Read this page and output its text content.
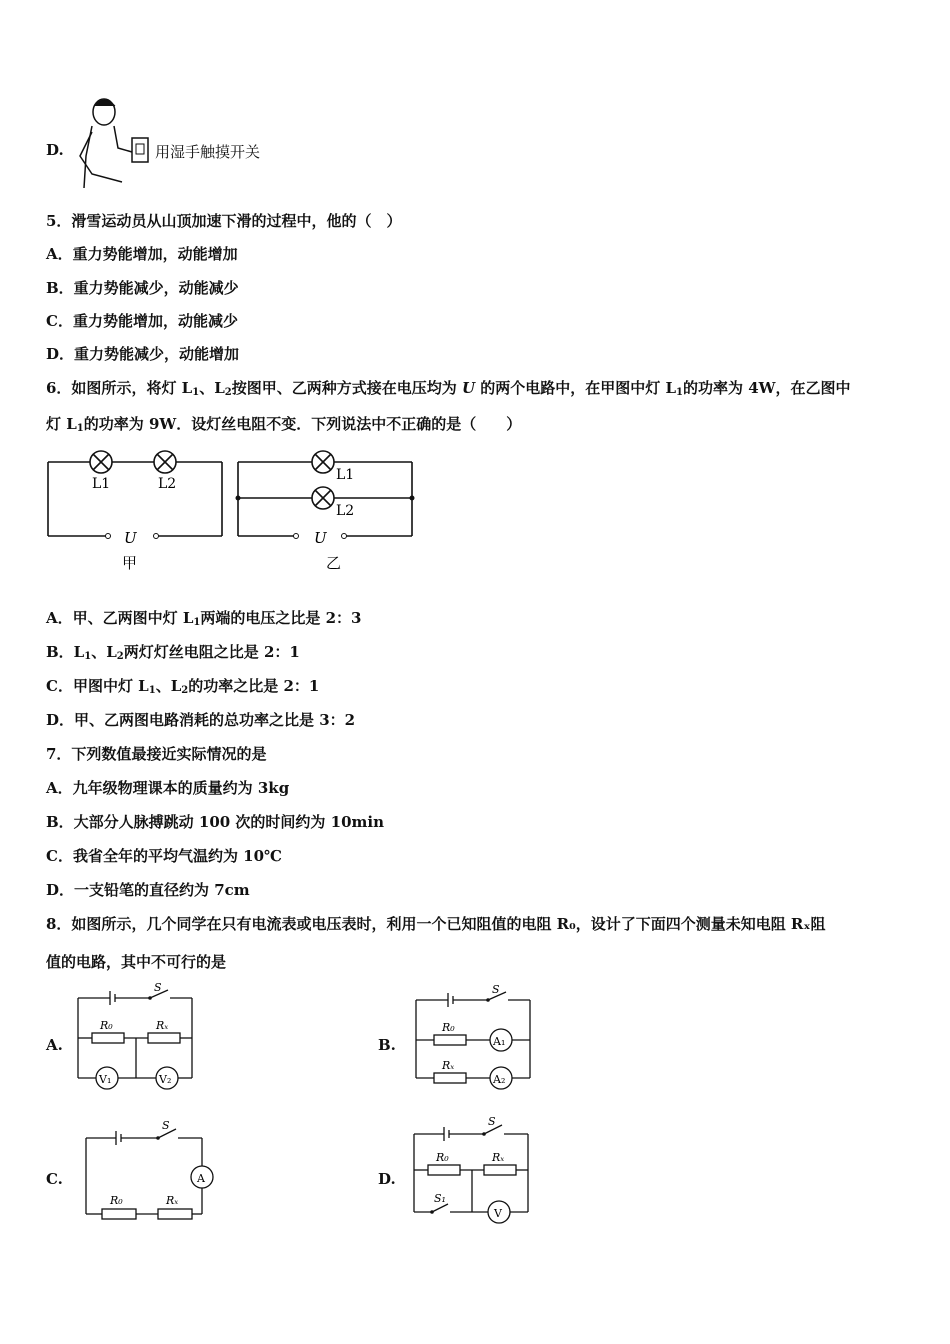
D.	用湿手触摸开关
5．滑雪运动员从山顶加速下滑的过程中，他的（　）
A．重力势能增加，动能增加
B．重力势能减少，动能减少
C．重力势能增加，动能减少
D．重力势能减少，动能增加
6．如图所示，将灯 $L_1$、$L_2$按图甲、乙两种方式接在电压均为 U 的两个电路中，在甲图中灯 $L_1$的功率为 4W，在乙图中
灯 $L_1$的功率为 9W．设灯丝电阻不变．下列说法中不正确的是（　　）
L1	L2
U
甲
L1
L2
U
乙
A．甲、乙两图中灯 $L_1$两端的电压之比是 2：3
B．$L_1$、$L_2$两灯灯丝电阻之比是 2：1
C．甲图中灯 $L_1$、$L_2$的功率之比是 2：1
D．甲、乙两图电路消耗的总功率之比是 3：2
7．下列数值最接近实际情况的是
A．九年级物理课本的质量约为 3kg
B．大部分人脉搏跳动 100 次的时间约为 10min
C．我省全年的平均气温约为 10℃
D．一支铅笔的直径约为 7cm
8．如图所示，几个同学在只有电流表或电压表时，利用一个已知阻值的电阻 R₀，设计了下面四个测量未知电阻 Rₓ阻
值的电路，其中不可行的是
A.
S
R₀	Rₓ
V₁	V₂
B.
S
R₀
Rₓ
A₁
A₂
C.
S
A
R₀	Rₓ
D.
S
R₀	Rₓ
S₁
V
